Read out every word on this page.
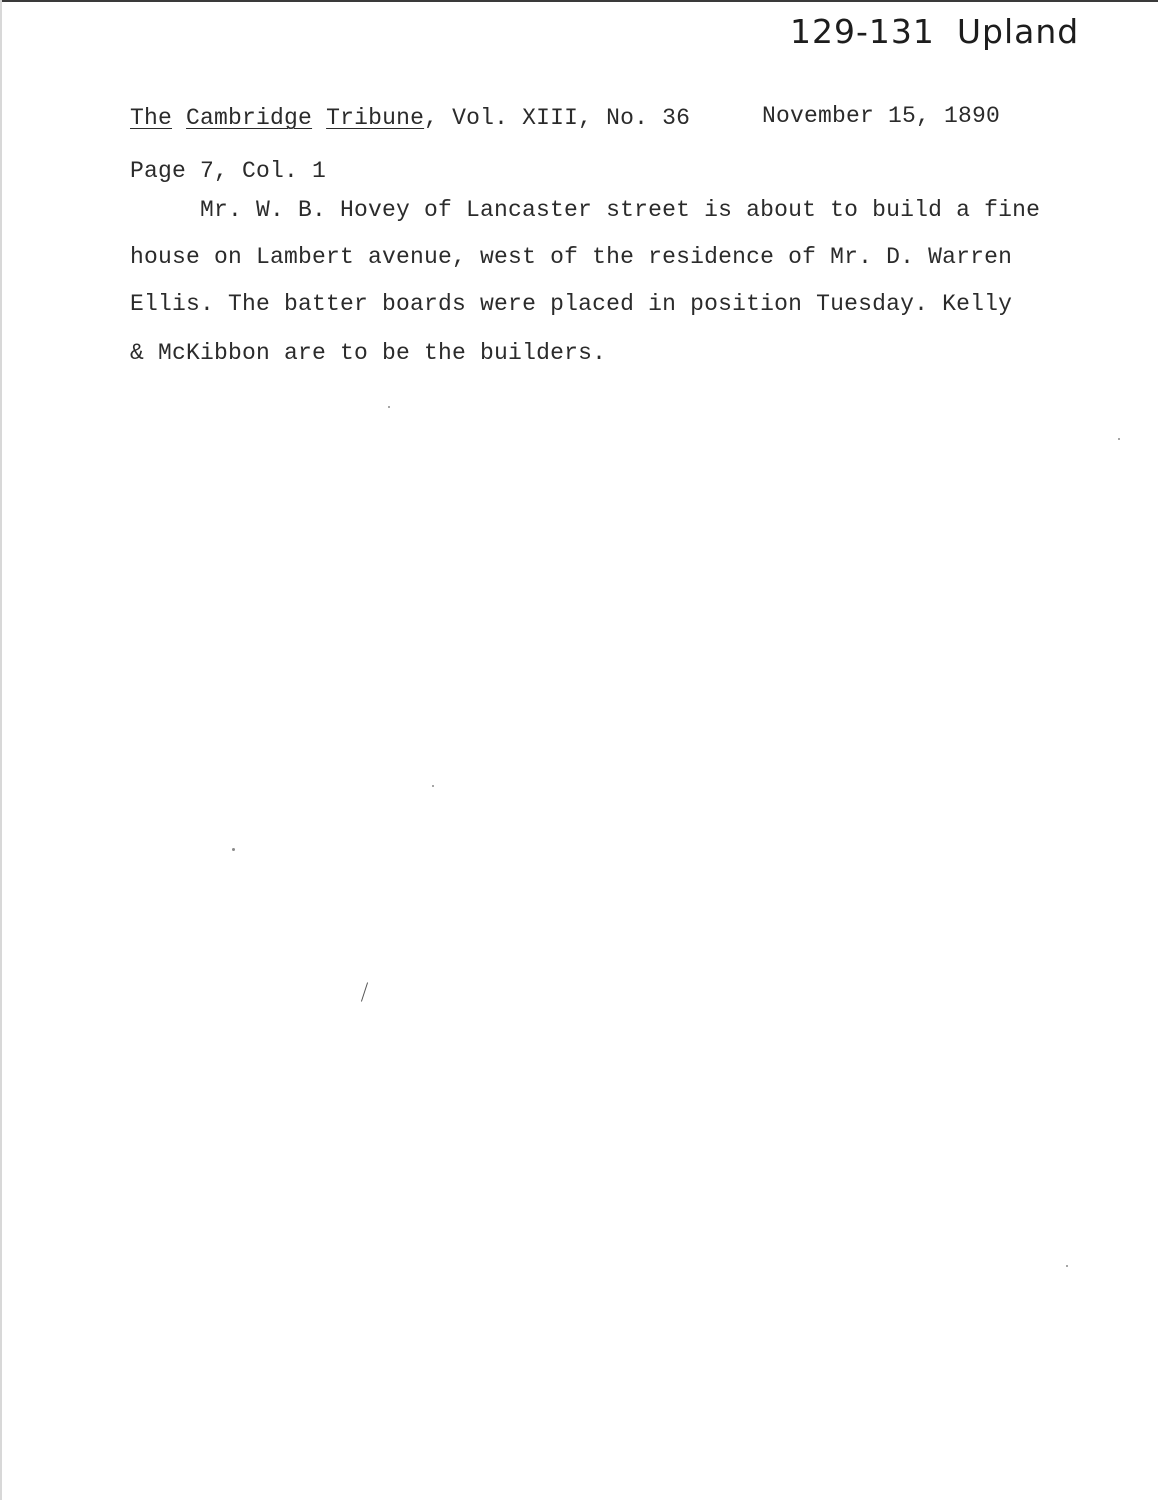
129-131 Upland
The Cambridge Tribune, Vol. XIII, No. 36	November 15, 1890
Page 7, Col. 1
Mr. W. B. Hovey of Lancaster street is about to build a fine
house on Lambert avenue, west of the residence of Mr. D. Warren
Ellis. The batter boards were placed in position Tuesday. Kelly
& McKibbon are to be the builders.
